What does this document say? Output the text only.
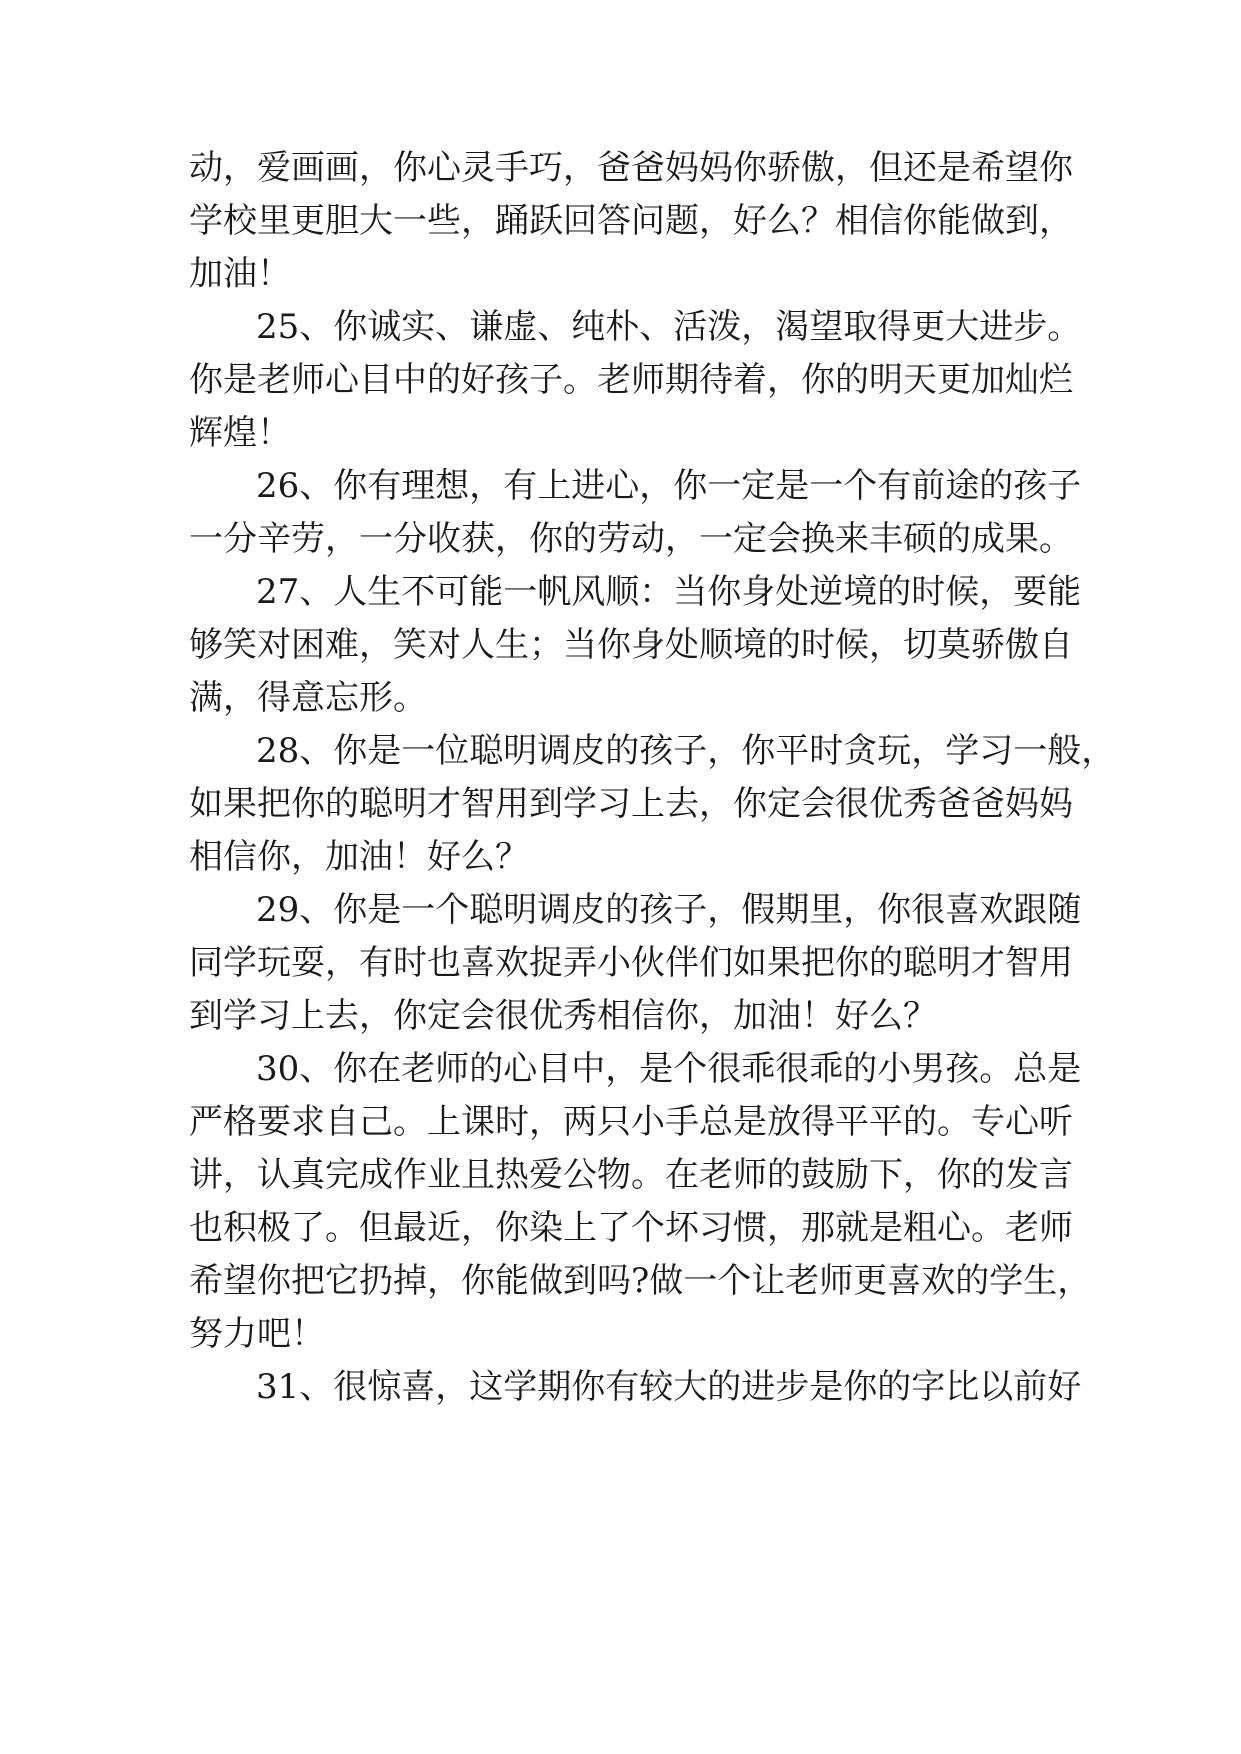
动，爱画画，你心灵手巧，爸爸妈妈你骄傲，但还是希望你
学校里更胆大一些，踊跃回答问题，好么？相信你能做到，
加油！
25、你诚实、谦虚、纯朴、活泼，渴望取得更大进步。
你是老师心目中的好孩子。老师期待着，你的明天更加灿烂
辉煌！
26、你有理想，有上进心，你一定是一个有前途的孩子
一分辛劳，一分收获，你的劳动，一定会换来丰硕的成果。
27、人生不可能一帆风顺：当你身处逆境的时候，要能
够笑对困难，笑对人生；当你身处顺境的时候，切莫骄傲自
满，得意忘形。
28、你是一位聪明调皮的孩子，你平时贪玩，学习一般，
如果把你的聪明才智用到学习上去，你定会很优秀爸爸妈妈
相信你，加油！好么？
29、你是一个聪明调皮的孩子，假期里，你很喜欢跟随
同学玩耍，有时也喜欢捉弄小伙伴们如果把你的聪明才智用
到学习上去，你定会很优秀相信你，加油！好么？
30、你在老师的心目中，是个很乖很乖的小男孩。总是
严格要求自己。上课时，两只小手总是放得平平的。专心听
讲，认真完成作业且热爱公物。在老师的鼓励下，你的发言
也积极了。但最近，你染上了个坏习惯，那就是粗心。老师
希望你把它扔掉，你能做到吗?做一个让老师更喜欢的学生，
努力吧！
31、很惊喜，这学期你有较大的进步是你的字比以前好
